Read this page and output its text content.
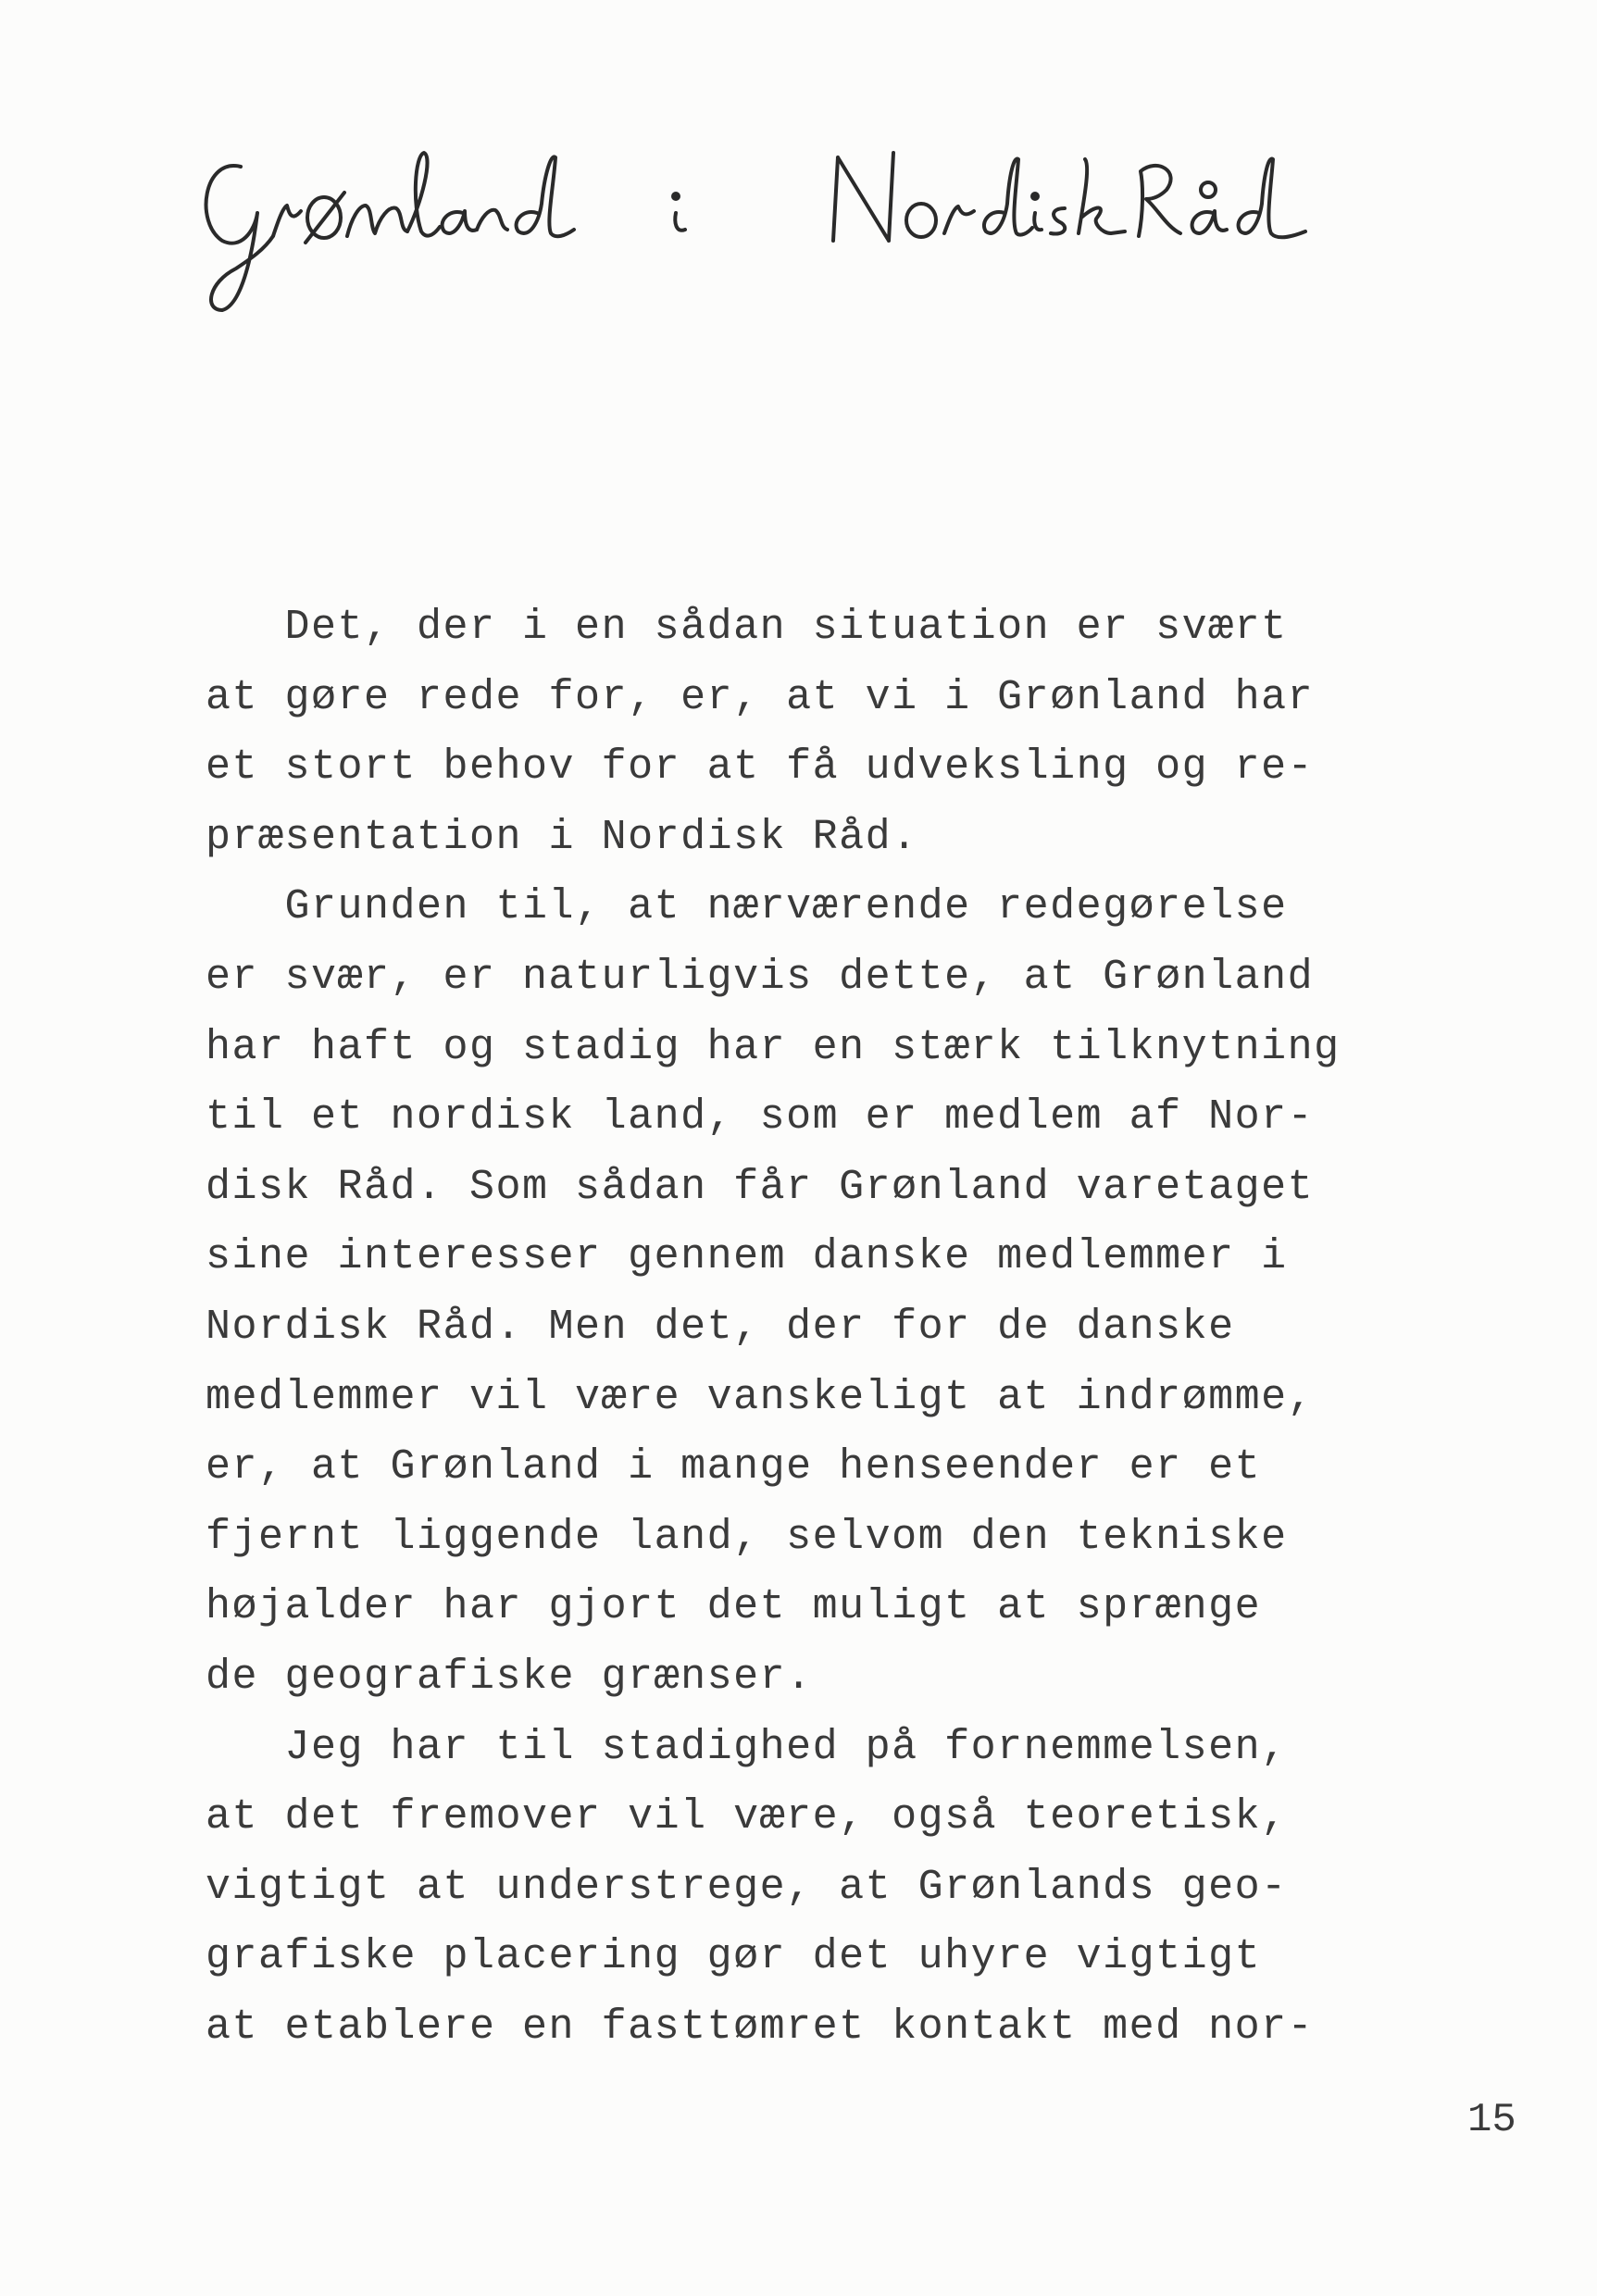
Det, der i en sådan situation er svært
at gøre rede for, er, at vi i Grønland har
et stort behov for at få udveksling og re-
præsentation i Nordisk Råd.
Grunden til, at nærværende redegørelse
er svær, er naturligvis dette, at Grønland
har haft og stadig har en stærk tilknytning
til et nordisk land, som er medlem af Nor-
disk Råd. Som sådan får Grønland varetaget
sine interesser gennem danske medlemmer i
Nordisk Råd. Men det, der for de danske
medlemmer vil være vanskeligt at indrømme,
er, at Grønland i mange henseender er et
fjernt liggende land, selvom den tekniske
højalder har gjort det muligt at sprænge
de geografiske grænser.
Jeg har til stadighed på fornemmelsen,
at det fremover vil være, også teoretisk,
vigtigt at understrege, at Grønlands geo-
grafiske placering gør det uhyre vigtigt
at etablere en fasttømret kontakt med nor-
15
